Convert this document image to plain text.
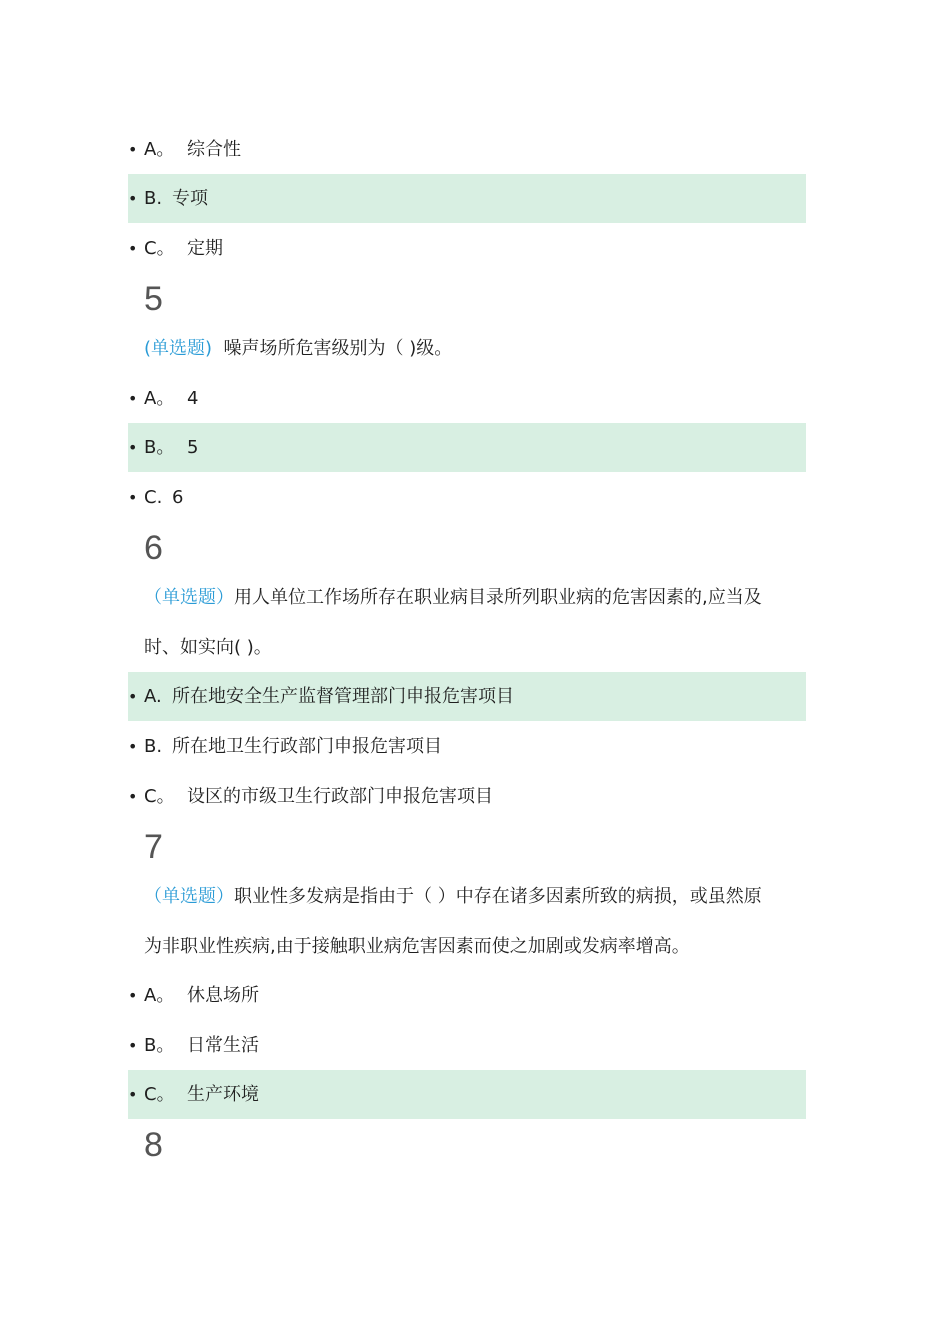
• A。 综合性
• B. 专项
• C。 定期
5
(单选题) 噪声场所危害级别为（ )级。
• A。 4
• B。 5
• C. 6
6
（单选题）用人单位工作场所存在职业病目录所列职业病的危害因素的,应当及
时、如实向( )。
• A. 所在地安全生产监督管理部门申报危害项目
• B. 所在地卫生行政部门申报危害项目
• C。 设区的市级卫生行政部门申报危害项目
7
（单选题）职业性多发病是指由于（ ）中存在诸多因素所致的病损，或虽然原
为非职业性疾病,由于接触职业病危害因素而使之加剧或发病率增高。
• A。 休息场所
• B。 日常生活
• C。 生产环境
8
